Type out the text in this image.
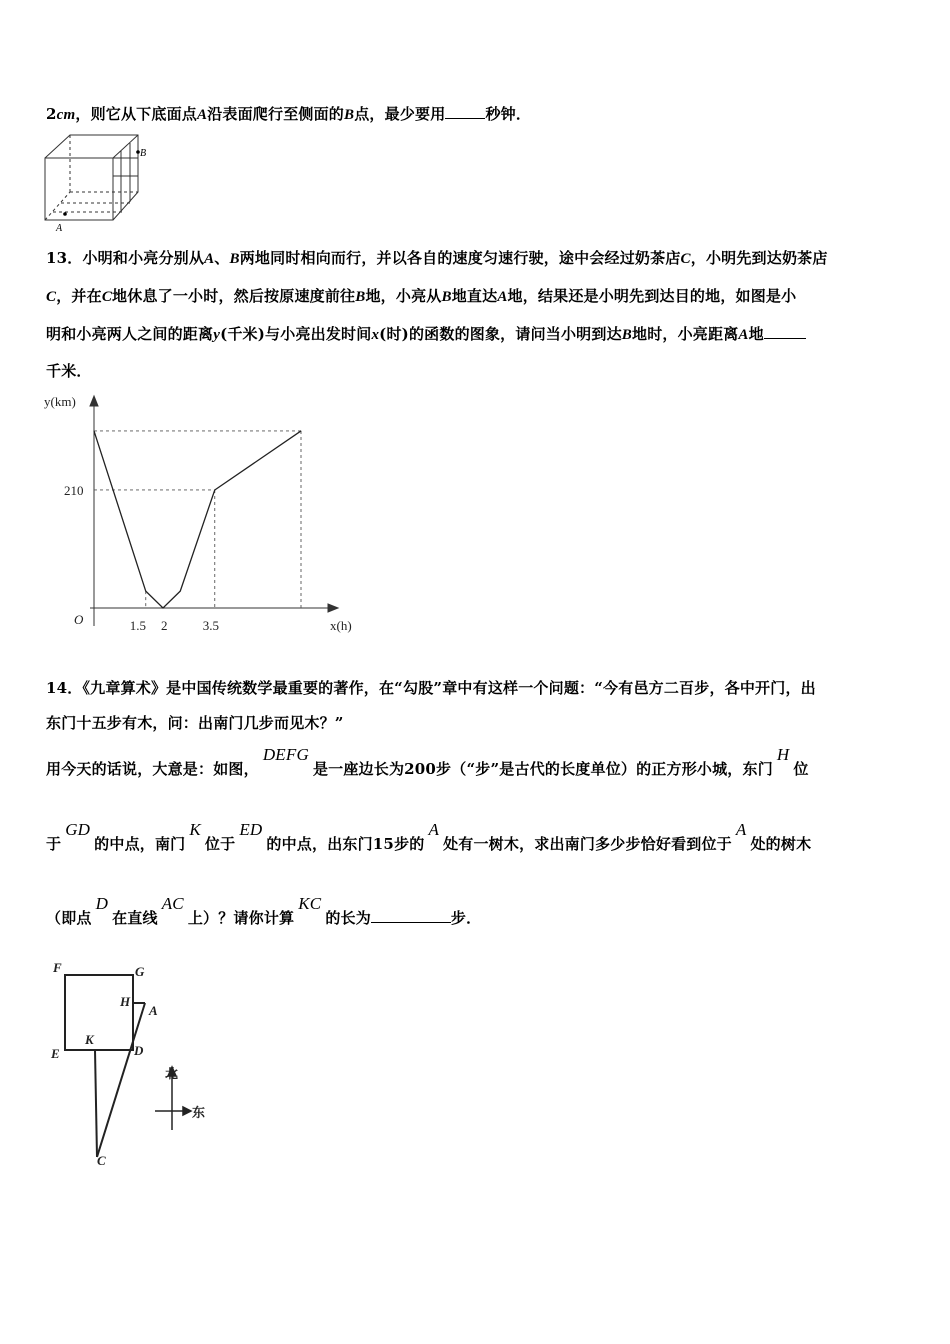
2cm，则它从下底面点A沿表面爬行至侧面的B点，最少要用	秒钟．
A
B
13．小明和小亮分别从A、B两地同时相向而行，并以各自的速度匀速行驶，途中会经过奶茶店C，小明先到达奶茶店
C，并在C地休息了一小时，然后按原速度前往B地，小亮从B地直达A地，结果还是小明先到达目的地，如图是小
明和小亮两人之间的距离y(千米)与小亮出发时间x(时)的函数的图象，请问当小明到达B地时，小亮距离A地
千米．
y(km)
x(h)
O
210
1.5 2	3.5
14．《九章算术》是中国传统数学最重要的著作，在“勾股”章中有这样一个问题：“今有邑方二百步，各中开门，出
东门十五步有木，问：出南门几步而见木？”
用今天的话说，大意是：如图，DEFG是一座边长为200步（“步”是古代的长度单位）的正方形小城，东门H位
于GD的中点，南门K位于ED的中点，出东门15步的A处有一树木，求出南门多少步恰好看到位于A处的树木
（即点D在直线AC上）？请你计算KC的长为	步．
F	G
H
A
E
K
D
C
北
东
